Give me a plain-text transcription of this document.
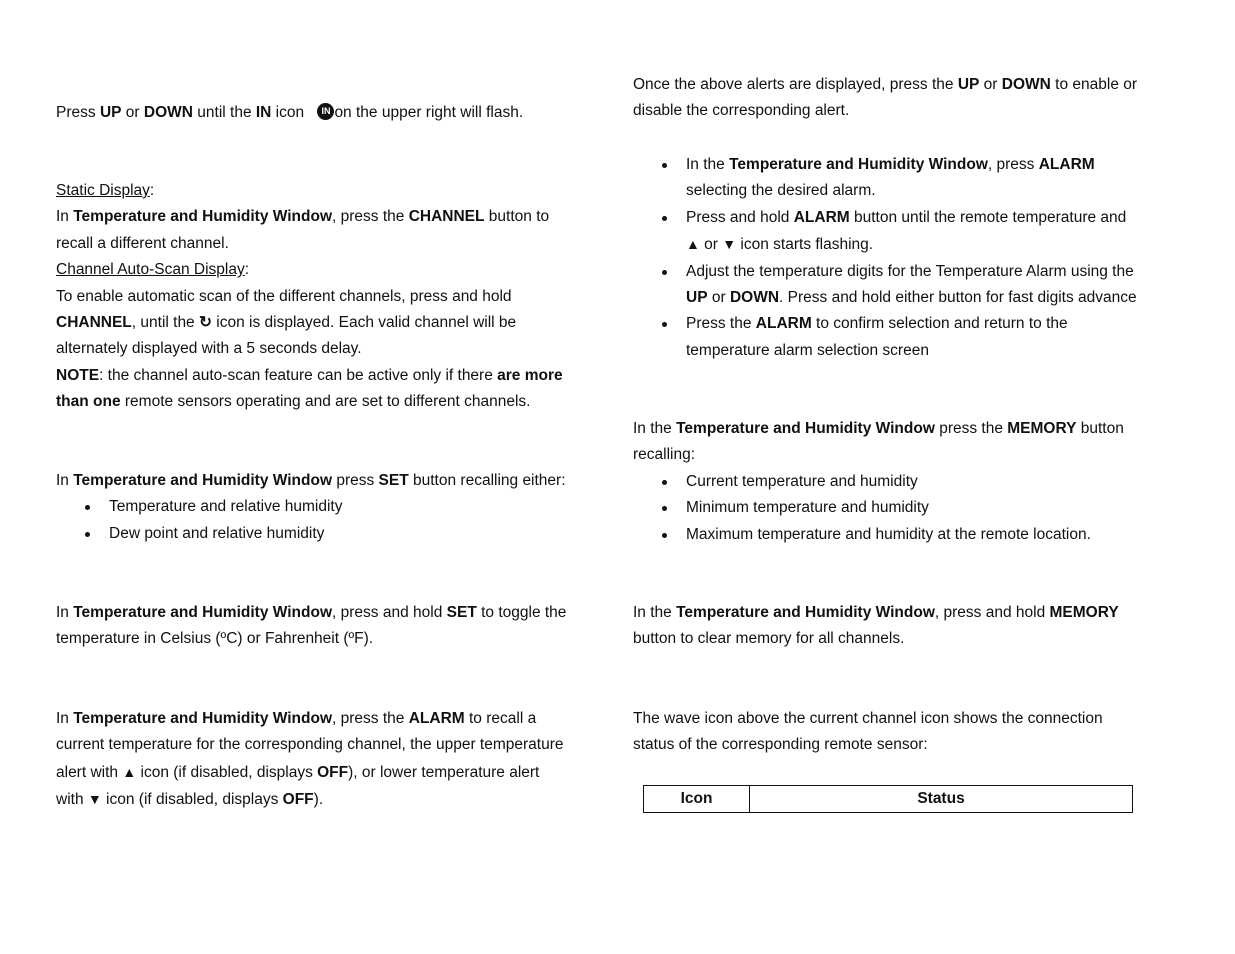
Press UP or DOWN until the IN icon IN on the upper right will flash.

Static Display:

In Temperature and Humidity Window, press the CHANNEL button to recall a different channel.

Channel Auto-Scan Display:

To enable automatic scan of the different channels, press and hold CHANNEL, until the ↻ icon is displayed. Each valid channel will be alternately displayed with a 5 seconds delay.

NOTE: the channel auto-scan feature can be active only if there are more than one remote sensors operating and are set to different channels.

In Temperature and Humidity Window press SET button recalling either:

Temperature and relative humidity
Dew point and relative humidity

In Temperature and Humidity Window, press and hold SET to toggle the temperature in Celsius (ºC) or Fahrenheit (ºF).

In Temperature and Humidity Window, press the ALARM to recall a current temperature for the corresponding channel, the upper temperature alert with ▲ icon (if disabled, displays OFF), or lower temperature alert with ▼ icon (if disabled, displays OFF).

Once the above alerts are displayed, press the UP or DOWN to enable or disable the corresponding alert.

In the Temperature and Humidity Window, press ALARM selecting the desired alarm.
Press and hold ALARM button until the remote temperature and ▲ or ▼ icon starts flashing.
Adjust the temperature digits for the Temperature Alarm using the UP or DOWN. Press and hold either button for fast digits advance
Press the ALARM to confirm selection and return to the temperature alarm selection screen

In the Temperature and Humidity Window press the MEMORY button recalling:

Current temperature and humidity
Minimum temperature and humidity
Maximum temperature and humidity at the remote location.

In the Temperature and Humidity Window, press and hold MEMORY button to clear memory for all channels.

The wave icon above the current channel icon shows the connection status of the corresponding remote sensor:

Icon	Status
